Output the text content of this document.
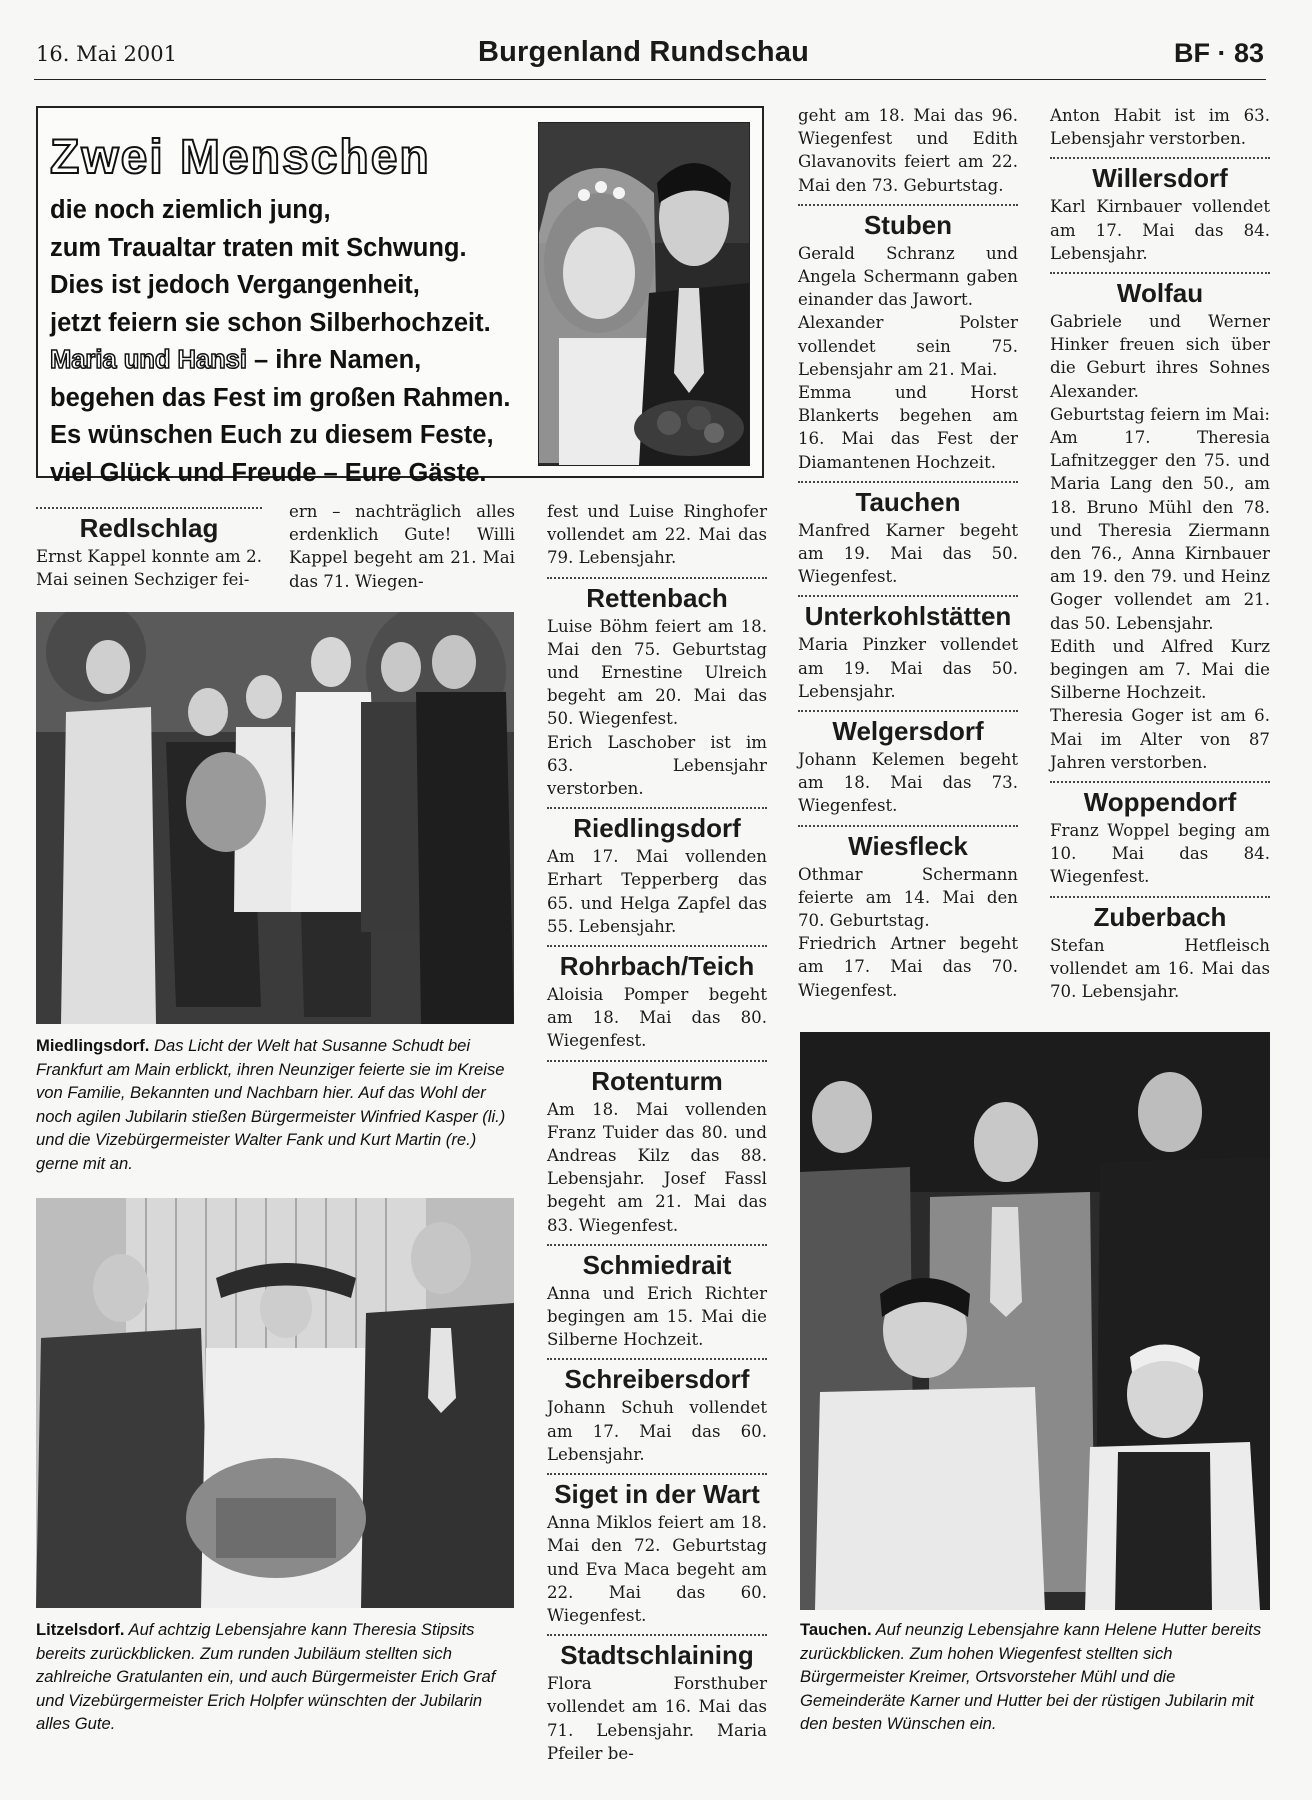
16. Mai 2001	Burgenland Rundschau	BF · 83
Zwei Menschen
die noch ziemlich jung,
zum Traualtar traten mit Schwung.
Dies ist jedoch Vergangenheit,
jetzt feiern sie schon Silberhochzeit.
Maria und Hansi – ihre Namen,
begehen das Fest im großen Rahmen.
Es wünschen Euch zu diesem Feste,
viel Glück und Freude – Eure Gäste.
Redlschlag

Ernst Kappel konnte am 2. Mai seinen Sechziger fei-

ern – nachträglich alles erdenklich Gute! Willi Kappel begeht am 21. Mai das 71. Wiegen-

Miedlingsdorf. Das Licht der Welt hat Susanne Schudt bei Frankfurt am Main erblickt, ihren Neunziger feierte sie im Kreise von Familie, Bekannten und Nachbarn hier. Auf das Wohl der noch agilen Jubilarin stießen Bürgermeister Winfried Kasper (li.) und die Vizebürgermeister Walter Fank und Kurt Martin (re.) gerne mit an.
Litzelsdorf. Auf achtzig Lebensjahre kann Theresia Stipsits bereits zurückblicken. Zum runden Jubiläum stellten sich zahlreiche Gratulanten ein, und auch Bürgermeister Erich Graf und Vizebürgermeister Erich Holpfer wünschten der Jubilarin alles Gute.

fest und Luise Ringhofer vollendet am 22. Mai das 79. Lebensjahr.

Rettenbach

Luise Böhm feiert am 18. Mai den 75. Geburtstag und Ernestine Ulreich begeht am 20. Mai das 50. Wiegenfest.

Erich Laschober ist im 63. Lebensjahr verstorben.

Riedlingsdorf

Am 17. Mai vollenden Erhart Tepperberg das 65. und Helga Zapfel das 55. Lebensjahr.

Rohrbach/Teich

Aloisia Pomper begeht am 18. Mai das 80. Wiegenfest.

Rotenturm

Am 18. Mai vollenden Franz Tuider das 80. und Andreas Kilz das 88. Lebensjahr. Josef Fassl begeht am 21. Mai das 83. Wiegenfest.

Schmiedrait

Anna und Erich Richter begingen am 15. Mai die Silberne Hochzeit.

Schreibersdorf

Johann Schuh vollendet am 17. Mai das 60. Lebensjahr.

Siget in der Wart

Anna Miklos feiert am 18. Mai den 72. Geburtstag und Eva Maca begeht am 22. Mai das 60. Wiegenfest.

Stadtschlaining

Flora Forsthuber vollendet am 16. Mai das 71. Lebensjahr. Maria Pfeiler be-

geht am 18. Mai das 96. Wiegenfest und Edith Glavanovits feiert am 22. Mai den 73. Geburtstag.

Stuben

Gerald Schranz und Angela Schermann gaben einander das Jawort.

Alexander Polster vollendet sein 75. Lebensjahr am 21. Mai.

Emma und Horst Blankerts begehen am 16. Mai das Fest der Diamantenen Hochzeit.

Tauchen

Manfred Karner begeht am 19. Mai das 50. Wiegenfest.

Unterkohlstätten

Maria Pinzker vollendet am 19. Mai das 50. Lebensjahr.

Welgersdorf

Johann Kelemen begeht am 18. Mai das 73. Wiegenfest.

Wiesfleck

Othmar Schermann feierte am 14. Mai den 70. Geburtstag.

Friedrich Artner begeht am 17. Mai das 70. Wiegenfest.

Anton Habit ist im 63. Lebensjahr verstorben.

Willersdorf

Karl Kirnbauer vollendet am 17. Mai das 84. Lebensjahr.

Wolfau

Gabriele und Werner Hinker freuen sich über die Geburt ihres Sohnes Alexander.

Geburtstag feiern im Mai: Am 17. Theresia Lafnitzegger den 75. und Maria Lang den 50., am 18. Bruno Mühl den 78. und Theresia Ziermann den 76., Anna Kirnbauer am 19. den 79. und Heinz Goger vollendet am 21. das 50. Lebensjahr.

Edith und Alfred Kurz begingen am 7. Mai die Silberne Hochzeit.

Theresia Goger ist am 6. Mai im Alter von 87 Jahren verstorben.

Woppendorf

Franz Woppel beging am 10. Mai das 84. Wiegenfest.

Zuberbach

Stefan Hetfleisch vollendet am 16. Mai das 70. Lebensjahr.

Tauchen. Auf neunzig Lebensjahre kann Helene Hutter bereits zurückblicken. Zum hohen Wiegenfest stellten sich Bürgermeister Kreimer, Ortsvorsteher Mühl und die Gemeinderäte Karner und Hutter bei der rüstigen Jubilarin mit den besten Wünschen ein.
